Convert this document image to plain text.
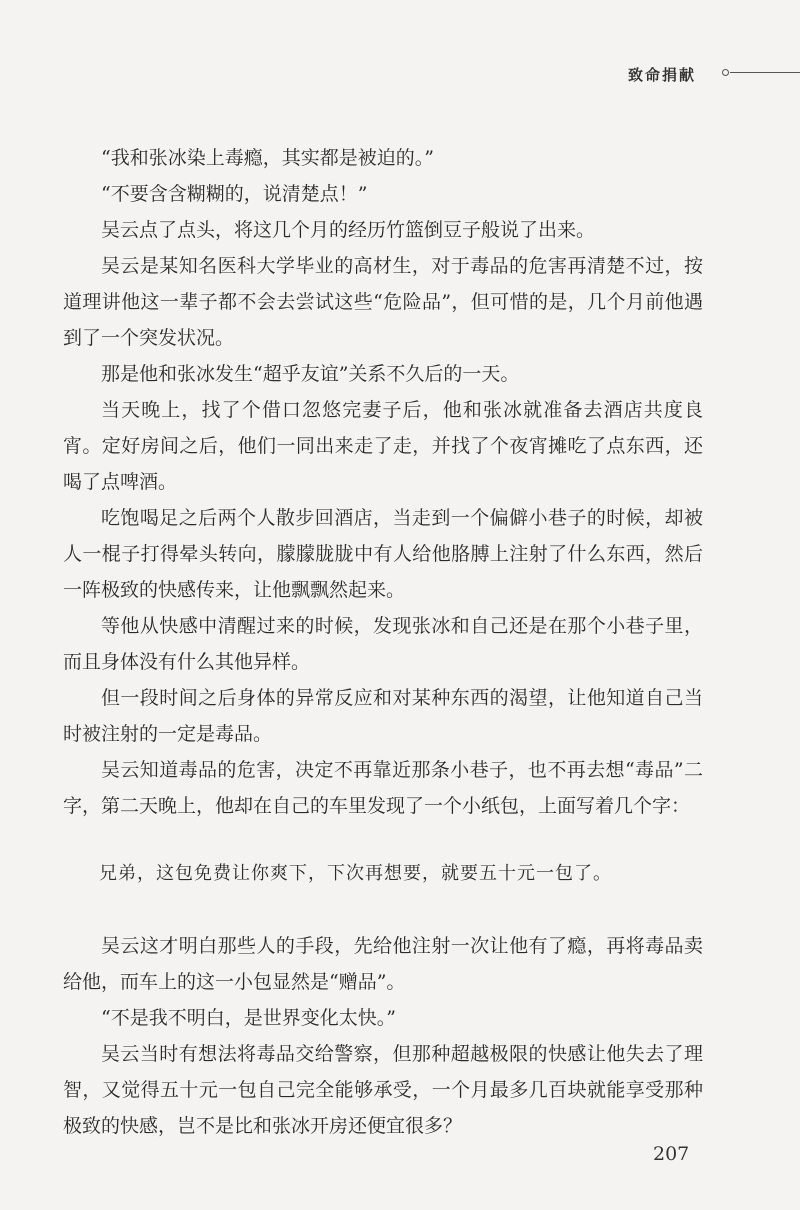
致命捐献

“我和张冰染上毒瘾，其实都是被迫的。”

“不要含含糊糊的，说清楚点！”

吴云点了点头，将这几个月的经历竹篮倒豆子般说了出来。

吴云是某知名医科大学毕业的高材生，对于毒品的危害再清楚不过，按道理讲他这一辈子都不会去尝试这些“危险品”，但可惜的是，几个月前他遇到了一个突发状况。

那是他和张冰发生“超乎友谊”关系不久后的一天。

当天晚上，找了个借口忽悠完妻子后，他和张冰就准备去酒店共度良宵。定好房间之后，他们一同出来走了走，并找了个夜宵摊吃了点东西，还喝了点啤酒。

吃饱喝足之后两个人散步回酒店，当走到一个偏僻小巷子的时候，却被人一棍子打得晕头转向，朦朦胧胧中有人给他胳膊上注射了什么东西，然后一阵极致的快感传来，让他飘飘然起来。

等他从快感中清醒过来的时候，发现张冰和自己还是在那个小巷子里，而且身体没有什么其他异样。

但一段时间之后身体的异常反应和对某种东西的渴望，让他知道自己当时被注射的一定是毒品。

吴云知道毒品的危害，决定不再靠近那条小巷子，也不再去想“毒品”二字，第二天晚上，他却在自己的车里发现了一个小纸包，上面写着几个字：

兄弟，这包免费让你爽下，下次再想要，就要五十元一包了。

吴云这才明白那些人的手段，先给他注射一次让他有了瘾，再将毒品卖给他，而车上的这一小包显然是“赠品”。

“不是我不明白，是世界变化太快。”

吴云当时有想法将毒品交给警察，但那种超越极限的快感让他失去了理智，又觉得五十元一包自己完全能够承受，一个月最多几百块就能享受那种极致的快感，岂不是比和张冰开房还便宜很多？

207
